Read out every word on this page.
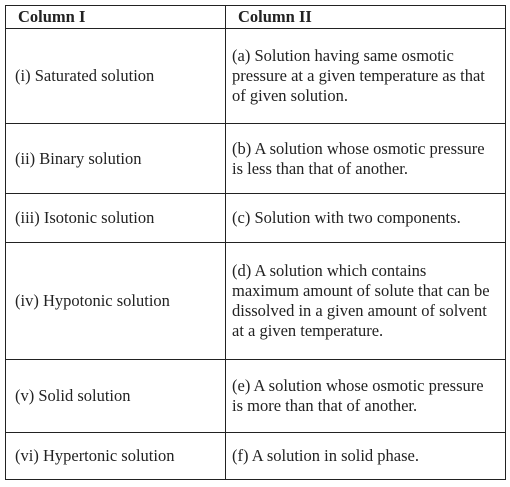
Column I	Column II
(i) Saturated solution	(a) Solution having same osmotic pressure at a given temperature as that of given solution.
(ii) Binary solution	(b) A solution whose osmotic pressure is less than that of another.
(iii) Isotonic solution	(c) Solution with two components.
(iv) Hypotonic solution	(d) A solution which contains maximum amount of solute that can be dissolved in a given amount of solvent at a given temperature.
(v) Solid solution	(e) A solution whose osmotic pressure is more than that of another.
(vi) Hypertonic solution	(f) A solution in solid phase.
